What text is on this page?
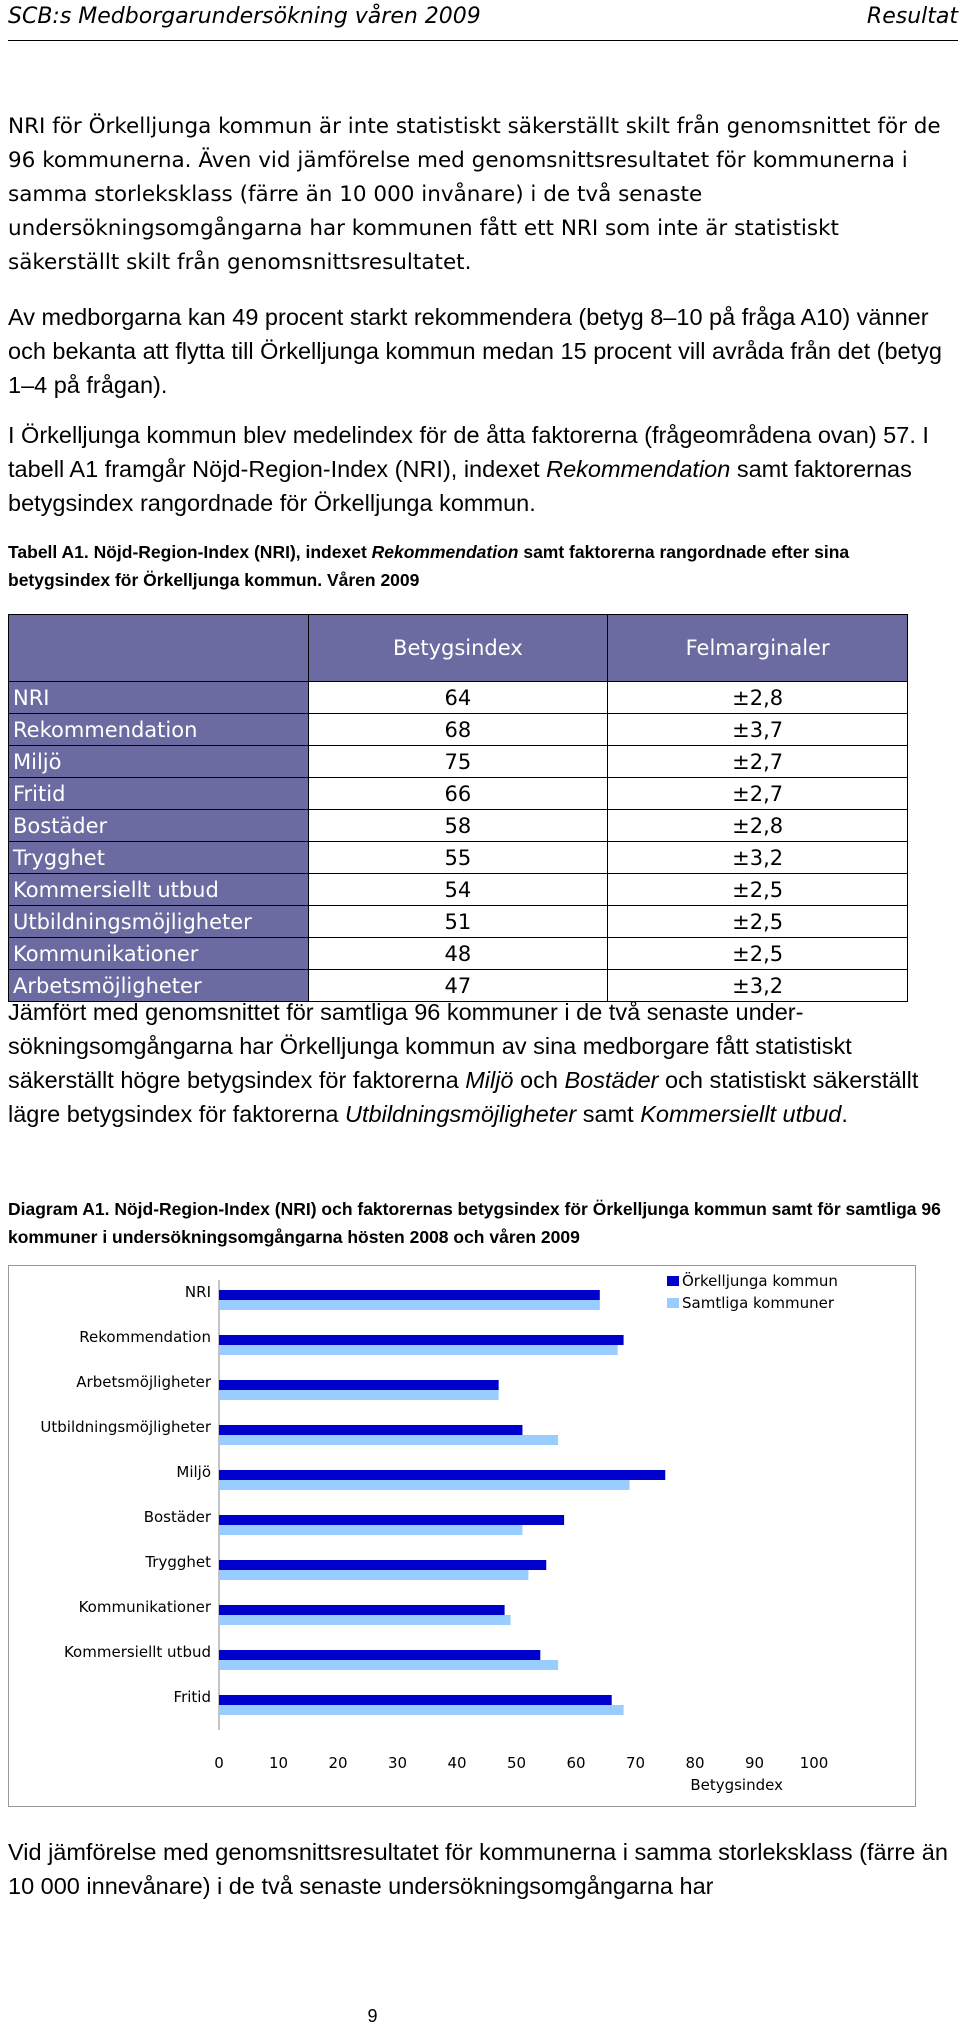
SCB:s Medborgarundersökning våren 2009	Resultat
NRI för Örkelljunga kommun är inte statistiskt säkerställt skilt från genomsnittet för de 96 kommunerna. Även vid jämförelse med genomsnittsresultatet för kommunerna i samma storleksklass (färre än 10 000 invånare) i de två senaste undersökningsomgångarna har kommunen fått ett NRI som inte är statistiskt säkerställt skilt från genomsnittsresultatet.
Av medborgarna kan 49 procent starkt rekommendera (betyg 8–10 på fråga A10) vänner och bekanta att flytta till Örkelljunga kommun medan 15 procent vill avråda från det (betyg 1–4 på frågan).
I Örkelljunga kommun blev medelindex för de åtta faktorerna (frågeområdena ovan) 57. I tabell A1 framgår Nöjd-Region-Index (NRI), indexet Rekommendation samt faktorernas betygsindex rangordnade för Örkelljunga kommun.
Tabell A1. Nöjd-Region-Index (NRI), indexet Rekommendation samt faktorerna rangordnade efter sina betygsindex för Örkelljunga kommun. Våren 2009
	Betygsindex	Felmarginaler
NRI	64	±2,8
Rekommendation	68	±3,7
Miljö	75	±2,7
Fritid	66	±2,7
Bostäder	58	±2,8
Trygghet	55	±3,2
Kommersiellt utbud	54	±2,5
Utbildningsmöjligheter	51	±2,5
Kommunikationer	48	±2,5
Arbetsmöjligheter	47	±3,2
Jämfört med genomsnittet för samtliga 96 kommuner i de två senaste under-sökningsomgångarna har Örkelljunga kommun av sina medborgare fått statistiskt säkerställt högre betygsindex för faktorerna Miljö och Bostäder och statistiskt säkerställt lägre betygsindex för faktorerna Utbildningsmöjligheter samt Kommersiellt utbud.
Diagram A1. Nöjd-Region-Index (NRI) och faktorernas betygsindex för Örkelljunga kommun samt för samtliga 96 kommuner i undersökningsomgångarna hösten 2008 och våren 2009
NRI
Rekommendation
Arbetsmöjligheter
Utbildningsmöjligheter
Miljö
Bostäder
Trygghet
Kommunikationer
Kommersiellt utbud
Fritid
0	10	20	30	40	50	60	70	80	90 100
Betygsindex
Örkelljunga kommun
Samtliga kommuner
Vid jämförelse med genomsnittsresultatet för kommunerna i samma storleksklass (färre än 10 000 innevånare) i de två senaste undersökningsomgångarna har
9
